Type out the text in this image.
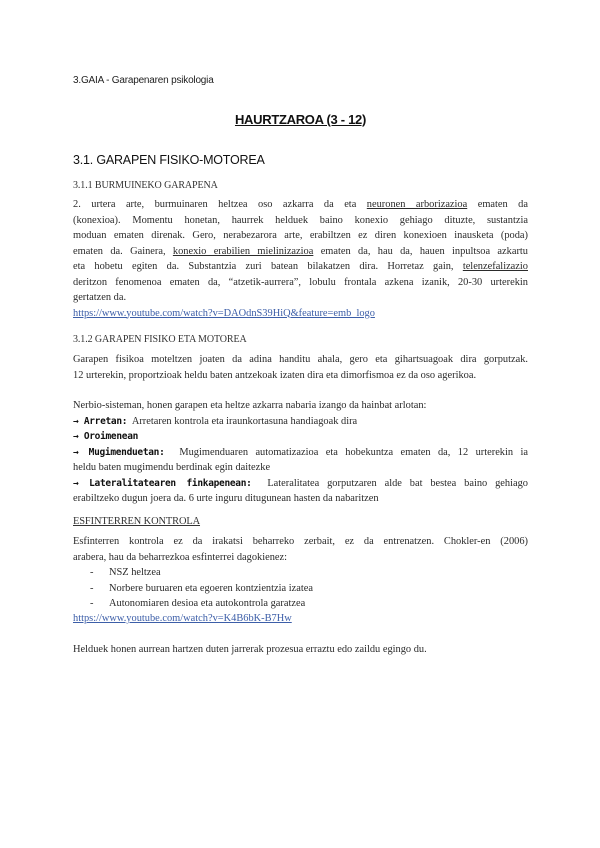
3.GAIA - Garapenaren psikologia
HAURTZAROA (3 - 12)
3.1. GARAPEN FISIKO-MOTOREA
3.1.1 BURMUINEKO GARAPENA
2. urtera arte, burmuinaren heltzea oso azkarra da eta neuronen arborizazioa ematen da
(konexioa). Momentu honetan, haurrek helduek baino konexio gehiago dituzte, sustantzia
moduan ematen direnak. Gero, nerabezarora arte, erabiltzen ez diren konexioen inausketa (poda)
ematen da. Gainera, konexio erabilien mielinizazioa ematen da, hau da, hauen inpultsoa azkartu
eta hobetu egiten da. Substantzia zuri batean bilakatzen dira. Horretaz gain, telenzefalizazio
deritzon fenomenoa ematen da, “atzetik-aurrera”, lobulu frontala azkena izanik, 20-30 urterekin
gertatzen da.
https://www.youtube.com/watch?v=DAOdnS39HiQ&feature=emb_logo
3.1.2 GARAPEN FISIKO ETA MOTOREA
Garapen fisikoa moteltzen joaten da adina handitu ahala, gero eta gihartsuagoak dira gorputzak.
12 urterekin, proportzioak heldu baten antzekoak izaten dira eta dimorfismoa ez da oso agerikoa.
Nerbio-sisteman, honen garapen eta heltze azkarra nabaria izango da hainbat arlotan:
→ Arretan: Arretaren kontrola eta iraunkortasuna handiagoak dira
→ Oroimenean
→ Mugimenduetan: Mugimenduaren automatizazioa eta hobekuntza ematen da, 12 urterekin ia
heldu baten mugimendu berdinak egin daitezke
→ Lateralitatearen finkapenean: Lateralitatea gorputzaren alde bat bestea baino gehiago
erabiltzeko dugun joera da. 6 urte inguru ditugunean hasten da nabaritzen
ESFINTERREN KONTROLA
Esfinterren kontrola ez da irakatsi beharreko zerbait, ez da entrenatzen. Chokler-en (2006)
arabera, hau da beharrezkoa esfinterrei dagokienez:
- NSZ heltzea
- Norbere buruaren eta egoeren kontzientzia izatea
- Autonomiaren desioa eta autokontrola garatzea
https://www.youtube.com/watch?v=K4B6bK-B7Hw
Helduek honen aurrean hartzen duten jarrerak prozesua erraztu edo zaildu egingo du.
